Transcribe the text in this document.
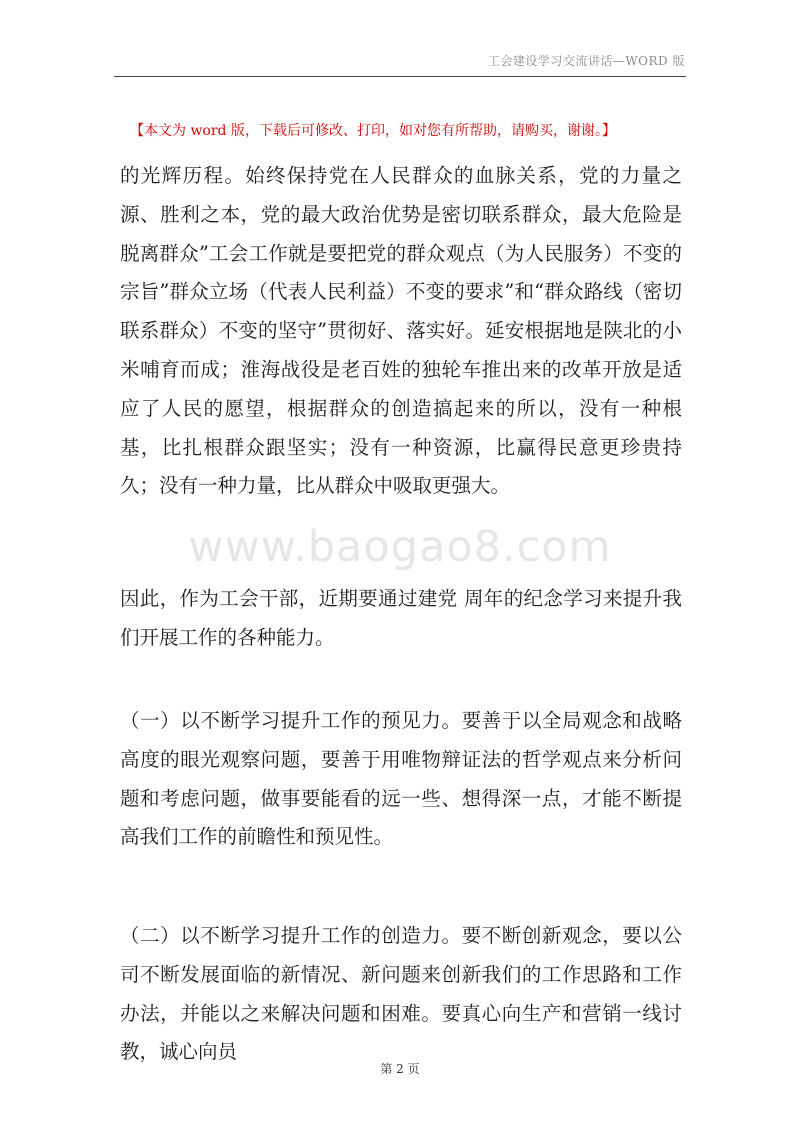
工会建设学习交流讲话—WORD 版
【本文为 word 版，下载后可修改、打印，如对您有所帮助，请购买，谢谢。】
www.baogao8.com

的光辉历程。始终保持党在人民群众的血脉关系，党的力量之源、胜利之本，党的最大政治优势是密切联系群众，最大危险是脱离群众”工会工作就是要把党的群众观点（为人民服务）不变的宗旨”群众立场（代表人民利益）不变的要求”和“群众路线（密切联系群众）不变的坚守”贯彻好、落实好。延安根据地是陕北的小米哺育而成；淮海战役是老百姓的独轮车推出来的改革开放是适应了人民的愿望，根据群众的创造搞起来的所以，没有一种根基，比扎根群众跟坚实；没有一种资源，比赢得民意更珍贵持久；没有一种力量，比从群众中吸取更强大。

因此，作为工会干部，近期要通过建党 周年的纪念学习来提升我们开展工作的各种能力。

（一）以不断学习提升工作的预见力。要善于以全局观念和战略高度的眼光观察问题，要善于用唯物辩证法的哲学观点来分析问题和考虑问题，做事要能看的远一些、想得深一点，才能不断提高我们工作的前瞻性和预见性。

（二）以不断学习提升工作的创造力。要不断创新观念，要以公司不断发展面临的新情况、新问题来创新我们的工作思路和工作办法，并能以之来解决问题和困难。要真心向生产和营销一线讨教，诚心向员

第 2 页
